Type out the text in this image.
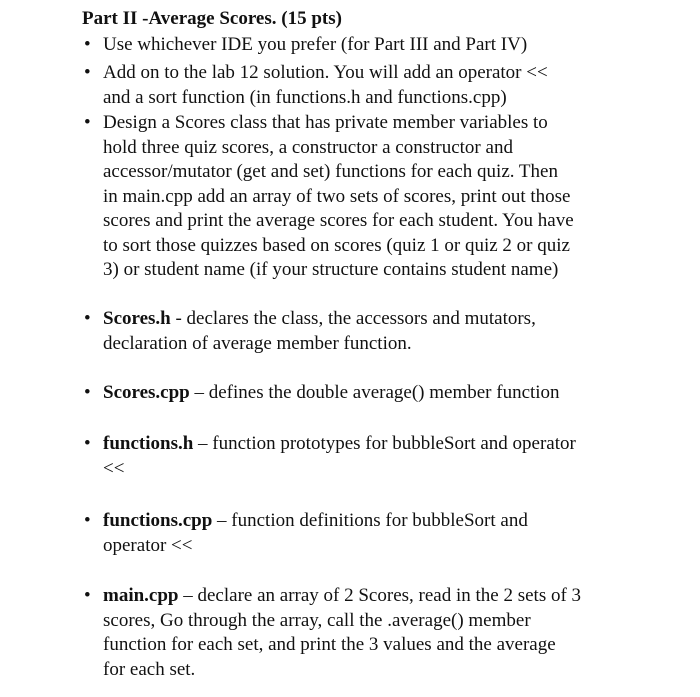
Part II -Average Scores. (15 pts)
• Use whichever IDE you prefer (for Part III and Part IV)
• Add on to the lab 12 solution. You will add an operator <<
and a sort function (in functions.h and functions.cpp)
• Design a Scores class that has private member variables to
hold three quiz scores, a constructor a constructor and
accessor/mutator (get and set) functions for each quiz. Then
in main.cpp add an array of two sets of scores, print out those
scores and print the average scores for each student. You have
to sort those quizzes based on scores (quiz 1 or quiz 2 or quiz
3) or student name (if your structure contains student name)
• Scores.h - declares the class, the accessors and mutators,
declaration of average member function.
• Scores.cpp – defines the double average() member function
• functions.h – function prototypes for bubbleSort and operator
<<
• functions.cpp – function definitions for bubbleSort and
operator <<
• main.cpp – declare an array of 2 Scores, read in the 2 sets of 3
scores, Go through the array, call the .average() member
function for each set, and print the 3 values and the average
for each set.
